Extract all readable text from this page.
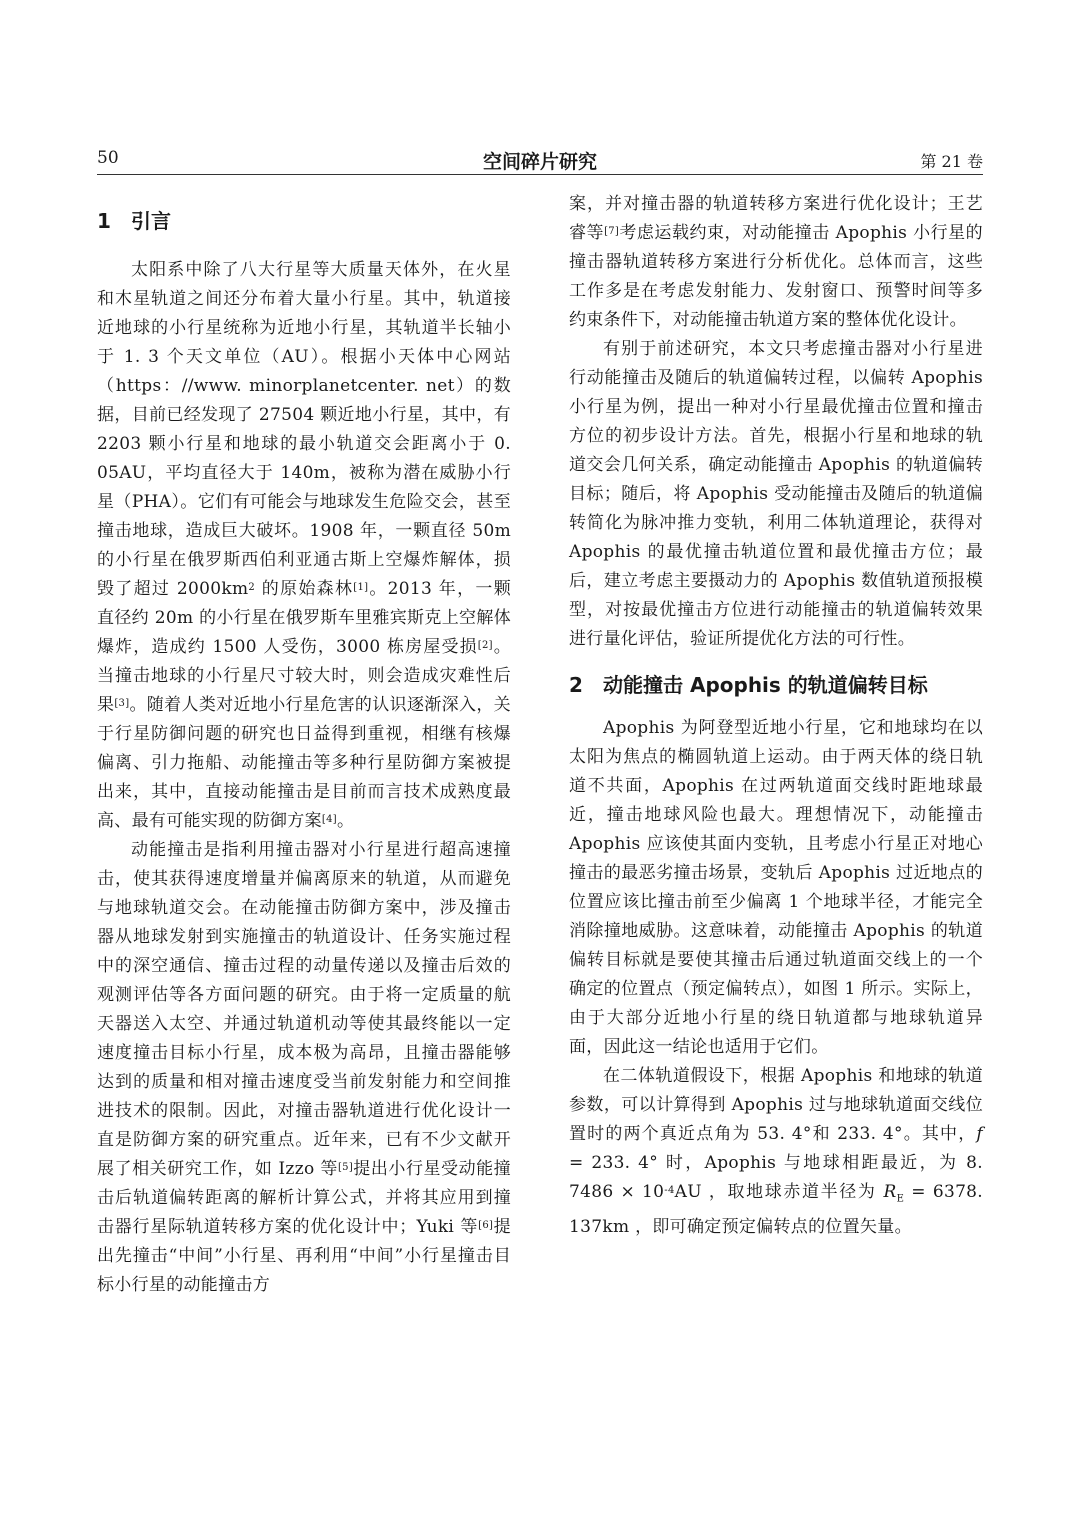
50	空间碎片研究	第 21 卷
1 引言

太阳系中除了八大行星等大质量天体外，在火星和木星轨道之间还分布着大量小行星。其中，轨道接近地球的小行星统称为近地小行星，其轨道半长轴小于 1. 3 个天文单位（AU）。根据小天体中心网站（https：//www. minorplanetcenter. net）的数据，目前已经发现了 27504 颗近地小行星，其中，有 2203 颗小行星和地球的最小轨道交会距离小于 0. 05AU，平均直径大于 140m，被称为潜在威胁小行星（PHA）。它们有可能会与地球发生危险交会，甚至撞击地球，造成巨大破坏。1908 年，一颗直径 50m 的小行星在俄罗斯西伯利亚通古斯上空爆炸解体，损毁了超过 $2000km^2$ 的原始森林[1]。2013 年，一颗直径约 20m 的小行星在俄罗斯车里雅宾斯克上空解体爆炸，造成约 1500 人受伤，3000 栋房屋受损[2]。当撞击地球的小行星尺寸较大时，则会造成灾难性后果[3]。随着人类对近地小行星危害的认识逐渐深入，关于行星防御问题的研究也日益得到重视，相继有核爆偏离、引力拖船、动能撞击等多种行星防御方案被提出来，其中，直接动能撞击是目前而言技术成熟度最高、最有可能实现的防御方案[4]。

动能撞击是指利用撞击器对小行星进行超高速撞击，使其获得速度增量并偏离原来的轨道，从而避免与地球轨道交会。在动能撞击防御方案中，涉及撞击器从地球发射到实施撞击的轨道设计、任务实施过程中的深空通信、撞击过程的动量传递以及撞击后效的观测评估等各方面问题的研究。由于将一定质量的航天器送入太空、并通过轨道机动等使其最终能以一定速度撞击目标小行星，成本极为高昂，且撞击器能够达到的质量和相对撞击速度受当前发射能力和空间推进技术的限制。因此，对撞击器轨道进行优化设计一直是防御方案的研究重点。近年来，已有不少文献开展了相关研究工作，如 Izzo 等[5]提出小行星受动能撞击后轨道偏转距离的解析计算公式，并将其应用到撞击器行星际轨道转移方案的优化设计中；Yuki 等[6]提出先撞击“中间”小行星、再利用“中间”小行星撞击目标小行星的动能撞击方

案，并对撞击器的轨道转移方案进行优化设计；王艺睿等[7]考虑运载约束，对动能撞击 Apophis 小行星的撞击器轨道转移方案进行分析优化。总体而言，这些工作多是在考虑发射能力、发射窗口、预警时间等多约束条件下，对动能撞击轨道方案的整体优化设计。

有别于前述研究，本文只考虑撞击器对小行星进行动能撞击及随后的轨道偏转过程，以偏转 Apophis 小行星为例，提出一种对小行星最优撞击位置和撞击方位的初步设计方法。首先，根据小行星和地球的轨道交会几何关系，确定动能撞击 Apophis 的轨道偏转目标；随后，将 Apophis 受动能撞击及随后的轨道偏转简化为脉冲推力变轨，利用二体轨道理论，获得对 Apophis 的最优撞击轨道位置和最优撞击方位；最后，建立考虑主要摄动力的 Apophis 数值轨道预报模型，对按最优撞击方位进行动能撞击的轨道偏转效果进行量化评估，验证所提优化方法的可行性。

2 动能撞击 Apophis 的轨道偏转目标

Apophis 为阿登型近地小行星，它和地球均在以太阳为焦点的椭圆轨道上运动。由于两天体的绕日轨道不共面，Apophis 在过两轨道面交线时距地球最近，撞击地球风险也最大。理想情况下，动能撞击 Apophis 应该使其面内变轨，且考虑小行星正对地心撞击的最恶劣撞击场景，变轨后 Apophis 过近地点的位置应该比撞击前至少偏离 1 个地球半径，才能完全消除撞地威胁。这意味着，动能撞击 Apophis 的轨道偏转目标就是要使其撞击后通过轨道面交线上的一个确定的位置点（预定偏转点），如图 1 所示。实际上，由于大部分近地小行星的绕日轨道都与地球轨道异面，因此这一结论也适用于它们。

在二体轨道假设下，根据 Apophis 和地球的轨道参数，可以计算得到 Apophis 过与地球轨道面交线位置时的两个真近点角为 53. 4°和 233. 4°。其中，f = 233. 4° 时，Apophis 与地球相距最近，为 8. $7486 \times 10^{-4}AU$ ，取地球赤道半径为 $R_E = 6378$. 137km ，即可确定预定偏转点的位置矢量。
